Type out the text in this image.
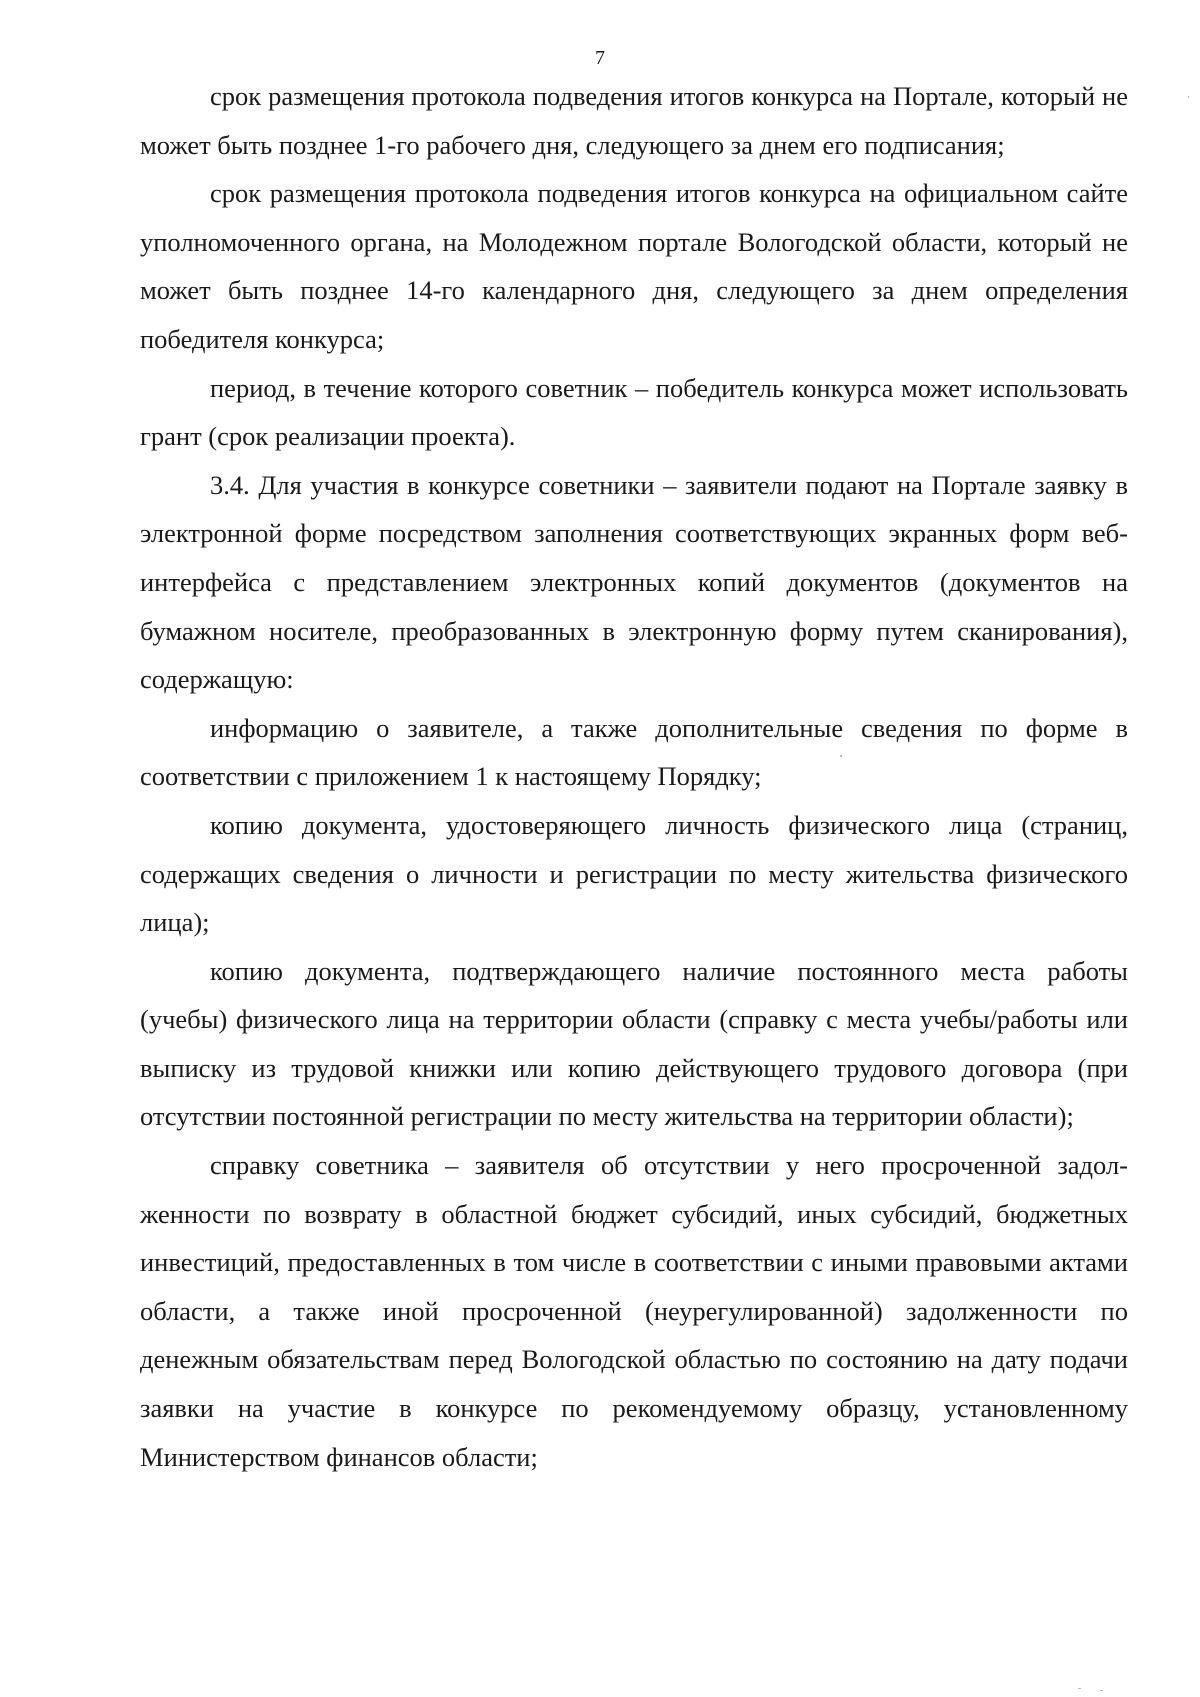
7

срок размещения протокола подведения итогов конкурса на Портале, который не может быть позднее 1-го рабочего дня, следующего за днем его подписания;

срок размещения протокола подведения итогов конкурса на официальном сайте уполномоченного органа, на Молодежном портале Вологодской области, который не может быть позднее 14-го календарного дня, следующего за днем определения победителя конкурса;

период, в течение которого советник – победитель конкурса может использовать грант (срок реализации проекта).

3.4. Для участия в конкурсе советники – заявители подают на Портале заявку в электронной форме посредством заполнения соответствующих экранных форм веб-интерфейса с представлением электронных копий документов (документов на бумажном носителе, преобразованных в электронную форму путем сканирования), содержащую:

информацию о заявителе, а также дополнительные сведения по форме в соответствии с приложением 1 к настоящему Порядку;

копию документа, удостоверяющего личность физического лица (страниц, содержащих сведения о личности и регистрации по месту жительства физического лица);

копию документа, подтверждающего наличие постоянного места работы (учебы) физического лица на территории области (справку с места учебы/работы или выписку из трудовой книжки или копию действующего трудового договора (при отсутствии постоянной регистрации по месту жительства на территории области);

справку советника – заявителя об отсутствии у него просроченной задолженности по возврату в областной бюджет субсидий, иных субсидий, бюджетных инвестиций, предоставленных в том числе в соответствии с иными правовыми актами области, а также иной просроченной (неурегулированной) задолженности по денежным обязательствам перед Вологодской областью по состоянию на дату подачи заявки на участие в конкурсе по рекомендуемому образцу, установленному Министерством финансов области;
